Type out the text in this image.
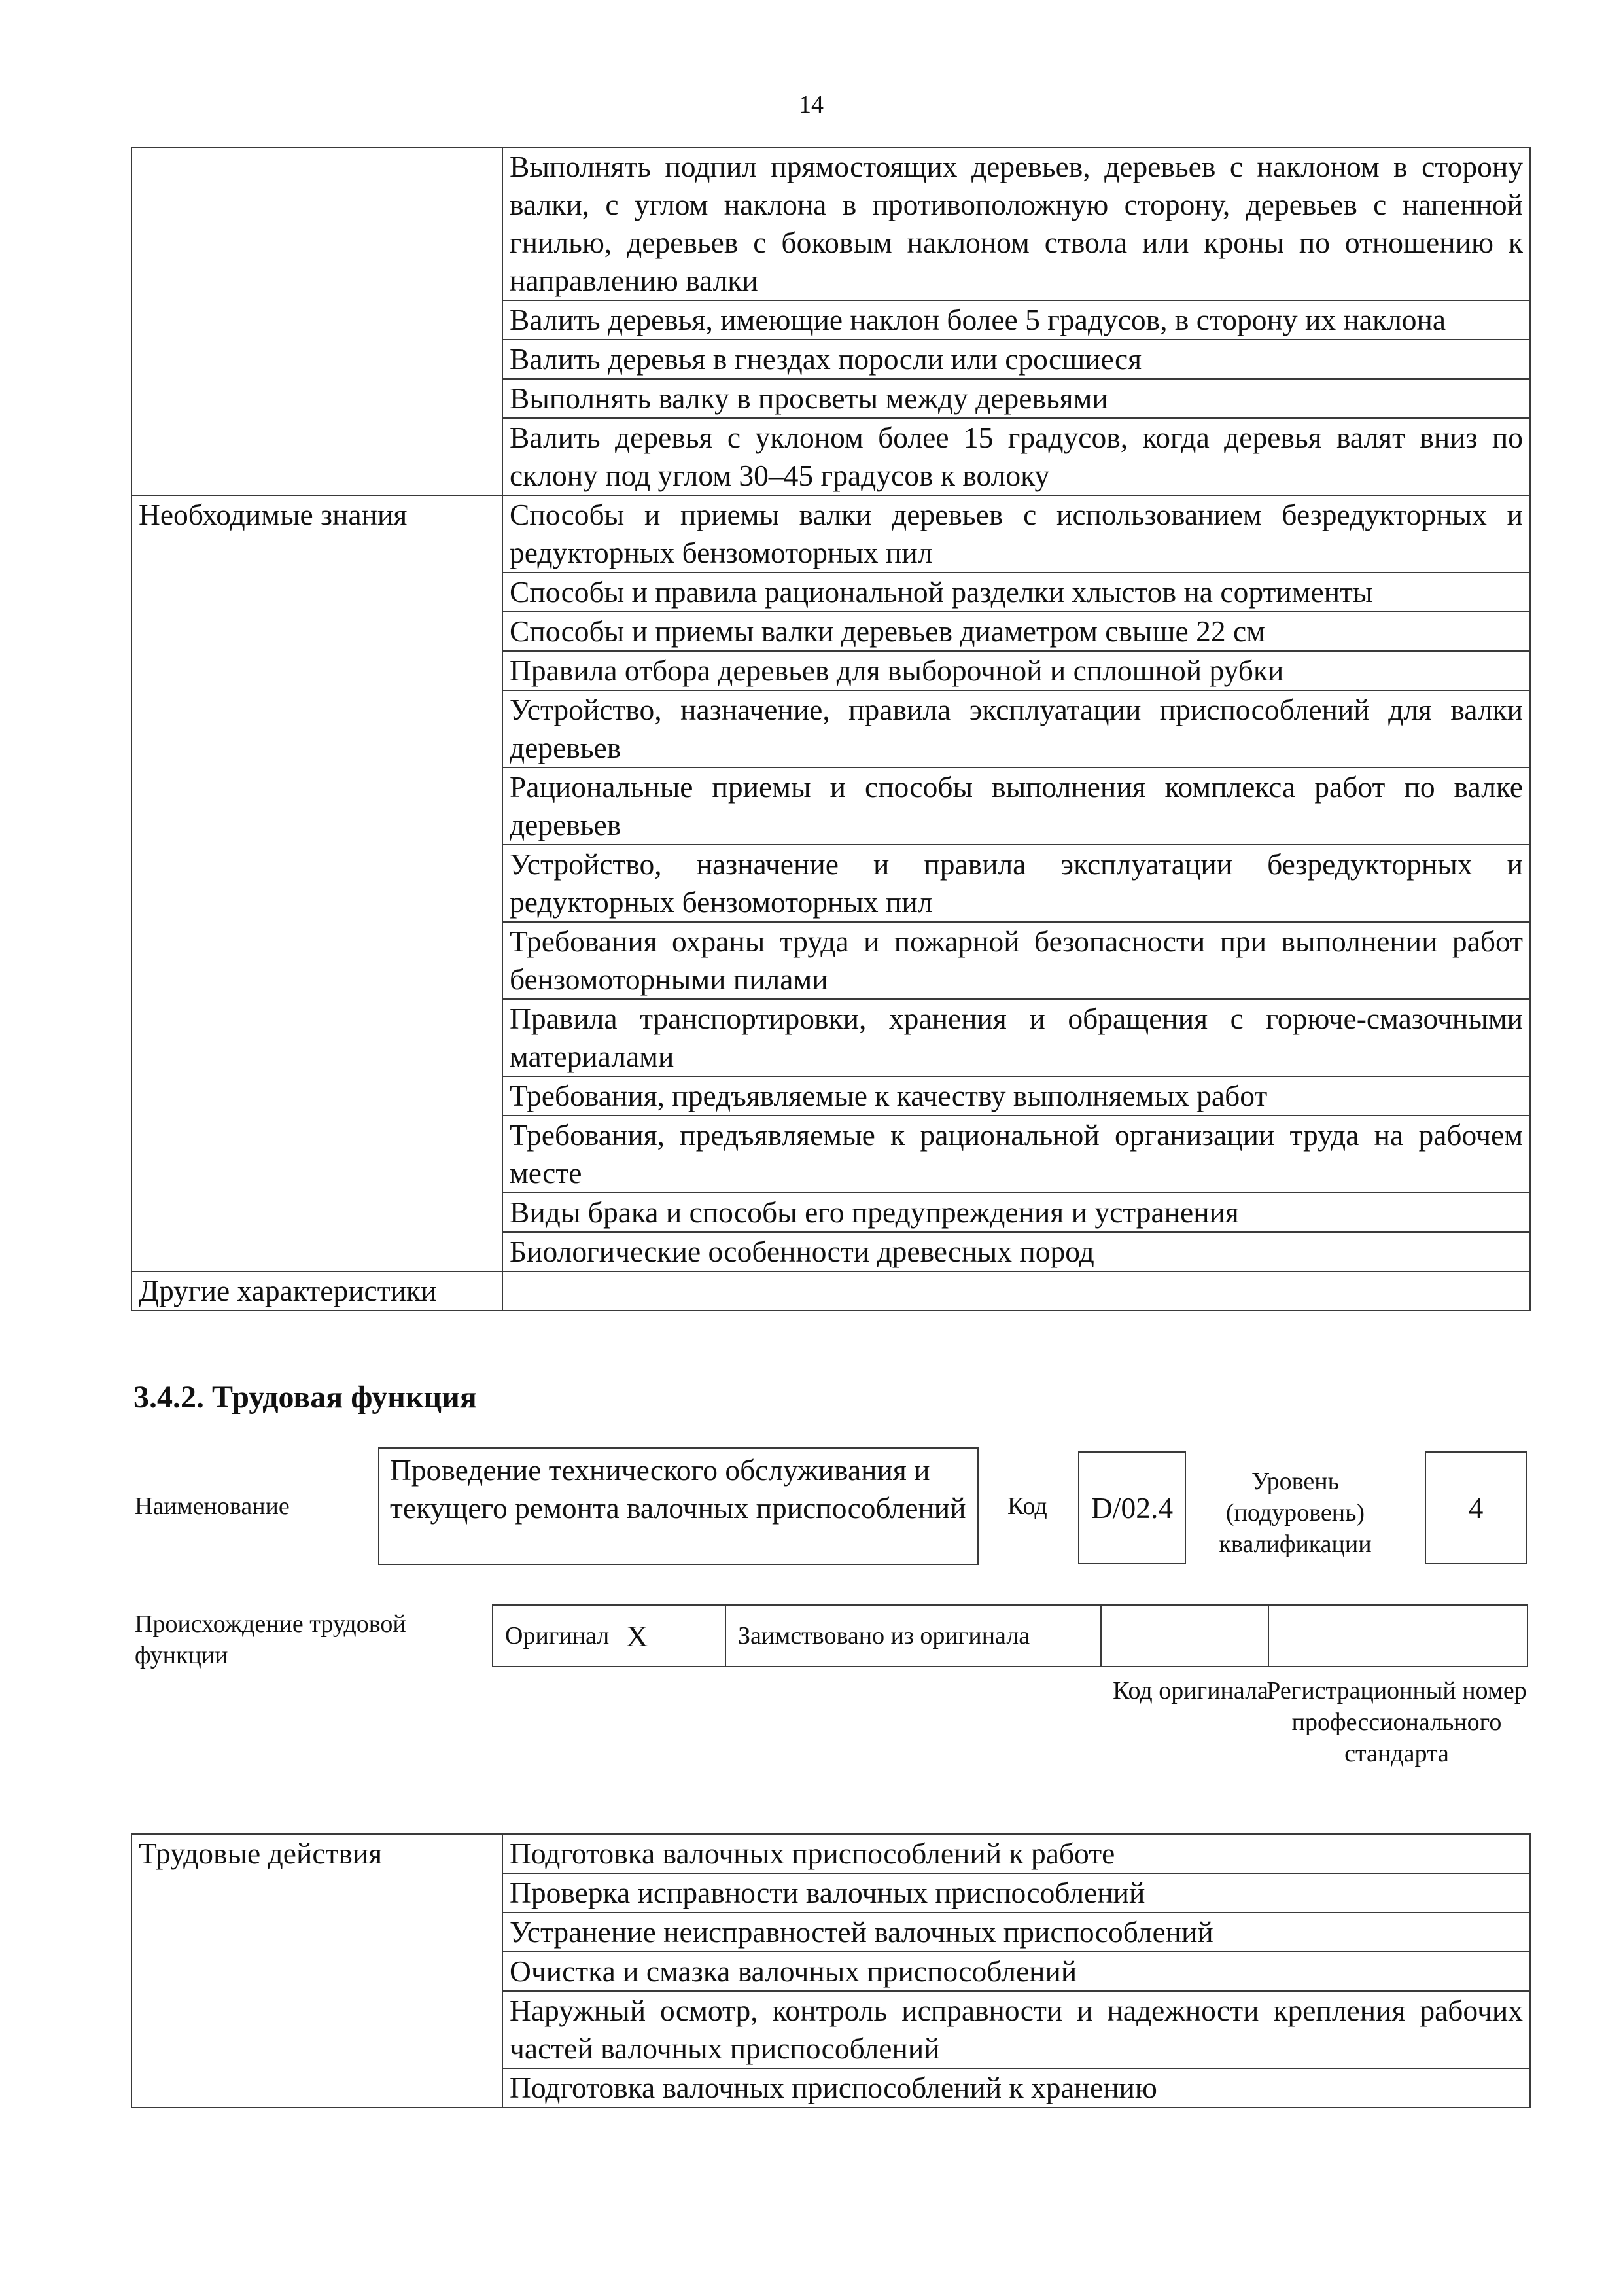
14
	Выполнять подпил прямостоящих деревьев, деревьев с наклоном в сторону валки, с углом наклона в противоположную сторону, деревьев с напенной гнилью, деревьев с боковым наклоном ствола или кроны по отношению к направлению валки
	Валить деревья, имеющие наклон более 5 градусов, в сторону их наклона
	Валить деревья в гнездах поросли или сросшиеся
	Выполнять валку в просветы между деревьями
	Валить деревья с уклоном более 15 градусов, когда деревья валят вниз по склону под углом 30–45 градусов к волоку
Необходимые знания	Способы и приемы валки деревьев с использованием безредукторных и редукторных бензомоторных пил
	Способы и правила рациональной разделки хлыстов на сортименты
	Способы и приемы валки деревьев диаметром свыше 22 см
	Правила отбора деревьев для выборочной и сплошной рубки
	Устройство, назначение, правила эксплуатации приспособлений для валки деревьев
	Рациональные приемы и способы выполнения комплекса работ по валке деревьев
	Устройство, назначение и правила эксплуатации безредукторных и редукторных бензомоторных пил
	Требования охраны труда и пожарной безопасности при выполнении работ бензомоторными пилами
	Правила транспортировки, хранения и обращения с горюче-смазочными материалами
	Требования, предъявляемые к качеству выполняемых работ
	Требования, предъявляемые к рациональной организации труда на рабочем месте
	Виды брака и способы его предупреждения и устранения
	Биологические особенности древесных пород
Другие характеристики	
3.4.2. Трудовая функция
Наименование
Проведение технического обслуживания и текущего ремонта валочных приспособлений	Код	D/02.4
Уровень (подуровень) квалификации
4
Происхождение трудовой функции
Оригинал X	Заимствовано из оригинала
Код оригинала
Регистрационный номер профессионального стандарта
Трудовые действия	Подготовка валочных приспособлений к работе
Проверка исправности валочных приспособлений
Устранение неисправностей валочных приспособлений
Очистка и смазка валочных приспособлений
Наружный осмотр, контроль исправности и надежности крепления рабочих частей валочных приспособлений
Подготовка валочных приспособлений к хранению
